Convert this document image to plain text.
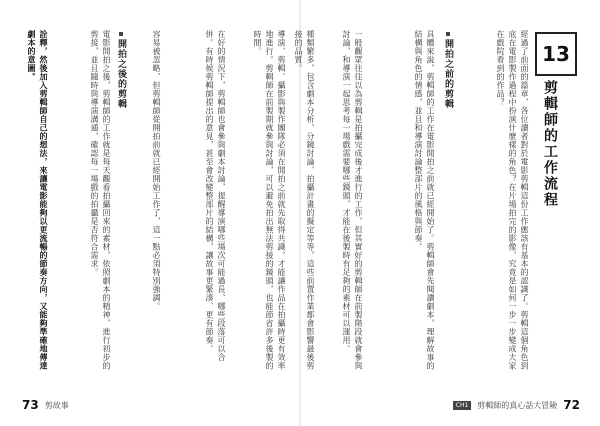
導演、剪輯、攝影與製作團隊必須在開拍之前就先取得共識，才能讓作品在拍攝時更有效率地進行。剪輯師在前製期就參與討論，可以避免拍出無法剪接的鏡頭，也能節省許多後製的時間。
在好的情況下，剪輯師也會參與劇本討論，提醒導演哪些場次可能過長、哪些段落可以合併。有時候剪輯師提出的意見，甚至會改變整部片的結構，讓故事更緊湊、更有節奏。
容易被忽略，但剪輯師從開拍前就已經開始工作了，這一點必須特別強調。
開拍之後的剪輯
電影開拍之後，剪輯師的工作就是每天觀看拍攝回來的素材，依照劇本的精神，進行初步的剪接，並且隨時與導演溝通，確認每一場戲的拍攝是否符合需求。
詮釋，然後加入剪輯師自己的想法，來讓電影能夠以更流暢的節奏方向，又能夠準確地傳達劇本的意圖。
73 剪故事
13
剪輯師的工作流程
經過了前面的篇章，各位讀者對於電影剪輯這份工作應該有基本的認識了。剪輯這個角色到底在電影製作過程中扮演什麼樣的角色？在片場拍完的影像，究竟是如何一步一步變成大家在戲院看到的作品？
開拍之前的剪輯
具體來說，剪輯師的工作在電影開拍之前就已經開始了。剪輯師會先閱讀劇本，理解故事的結構與角色的情感，並且和導演討論整部片的風格與節奏。
一般觀眾往往以為剪輯是拍攝完成後才進行的工作，但其實好的剪輯師在前製階段就會參與討論，和導演一起思考每一場戲需要哪些鏡頭，才能在後製時有足夠的素材可以運用。
種類繁多，包含劇本分析、分鏡討論、拍攝計畫的擬定等等，這些前置作業都會影響最後剪接的品質。
CH1	剪輯師的真心話大冒險 72
